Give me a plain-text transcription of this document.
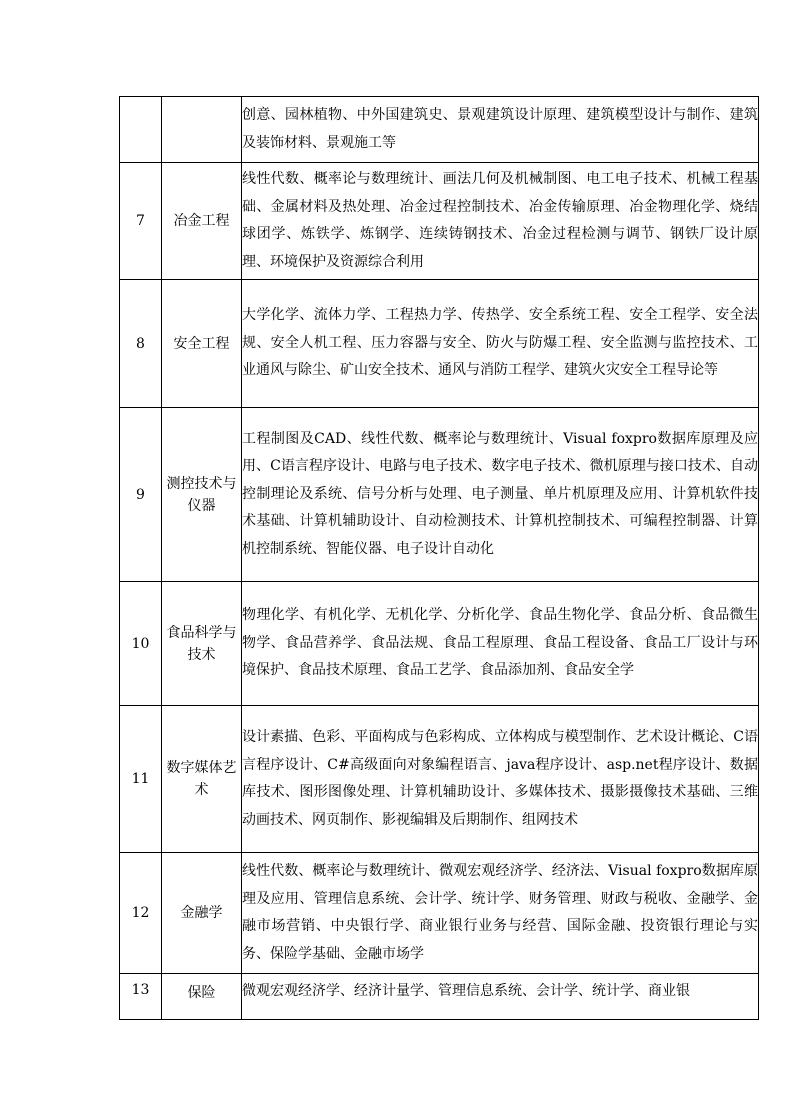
		创意、园林植物、中外国建筑史、景观建筑设计原理、建筑模型设计与制作、建筑及装饰材料、景观施工等
7	冶金工程	线性代数、概率论与数理统计、画法几何及机械制图、电工电子技术、机械工程基础、金属材料及热处理、冶金过程控制技术、冶金传输原理、冶金物理化学、烧结球团学、炼铁学、炼钢学、连续铸钢技术、冶金过程检测与调节、钢铁厂设计原理、环境保护及资源综合利用
8	安全工程	大学化学、流体力学、工程热力学、传热学、安全系统工程、安全工程学、安全法规、安全人机工程、压力容器与安全、防火与防爆工程、安全监测与监控技术、工业通风与除尘、矿山安全技术、通风与消防工程学、建筑火灾安全工程导论等
9	测控技术与仪器	工程制图及CAD、线性代数、概率论与数理统计、Visual foxpro数据库原理及应用、C语言程序设计、电路与电子技术、数字电子技术、微机原理与接口技术、自动控制理论及系统、信号分析与处理、电子测量、单片机原理及应用、计算机软件技术基础、计算机辅助设计、自动检测技术、计算机控制技术、可编程控制器、计算机控制系统、智能仪器、电子设计自动化
10	食品科学与技术	物理化学、有机化学、无机化学、分析化学、食品生物化学、食品分析、食品微生物学、食品营养学、食品法规、食品工程原理、食品工程设备、食品工厂设计与环境保护、食品技术原理、食品工艺学、食品添加剂、食品安全学
11	数字媒体艺术	设计素描、色彩、平面构成与色彩构成、立体构成与模型制作、艺术设计概论、C语言程序设计、C#高级面向对象编程语言、java程序设计、asp.net程序设计、数据库技术、图形图像处理、计算机辅助设计、多媒体技术、摄影摄像技术基础、三维动画技术、网页制作、影视编辑及后期制作、组网技术
12	金融学	线性代数、概率论与数理统计、微观宏观经济学、经济法、Visual foxpro数据库原理及应用、管理信息系统、会计学、统计学、财务管理、财政与税收、金融学、金融市场营销、中央银行学、商业银行业务与经营、国际金融、投资银行理论与实务、保险学基础、金融市场学
13	保险	微观宏观经济学、经济计量学、管理信息系统、会计学、统计学、商业银
